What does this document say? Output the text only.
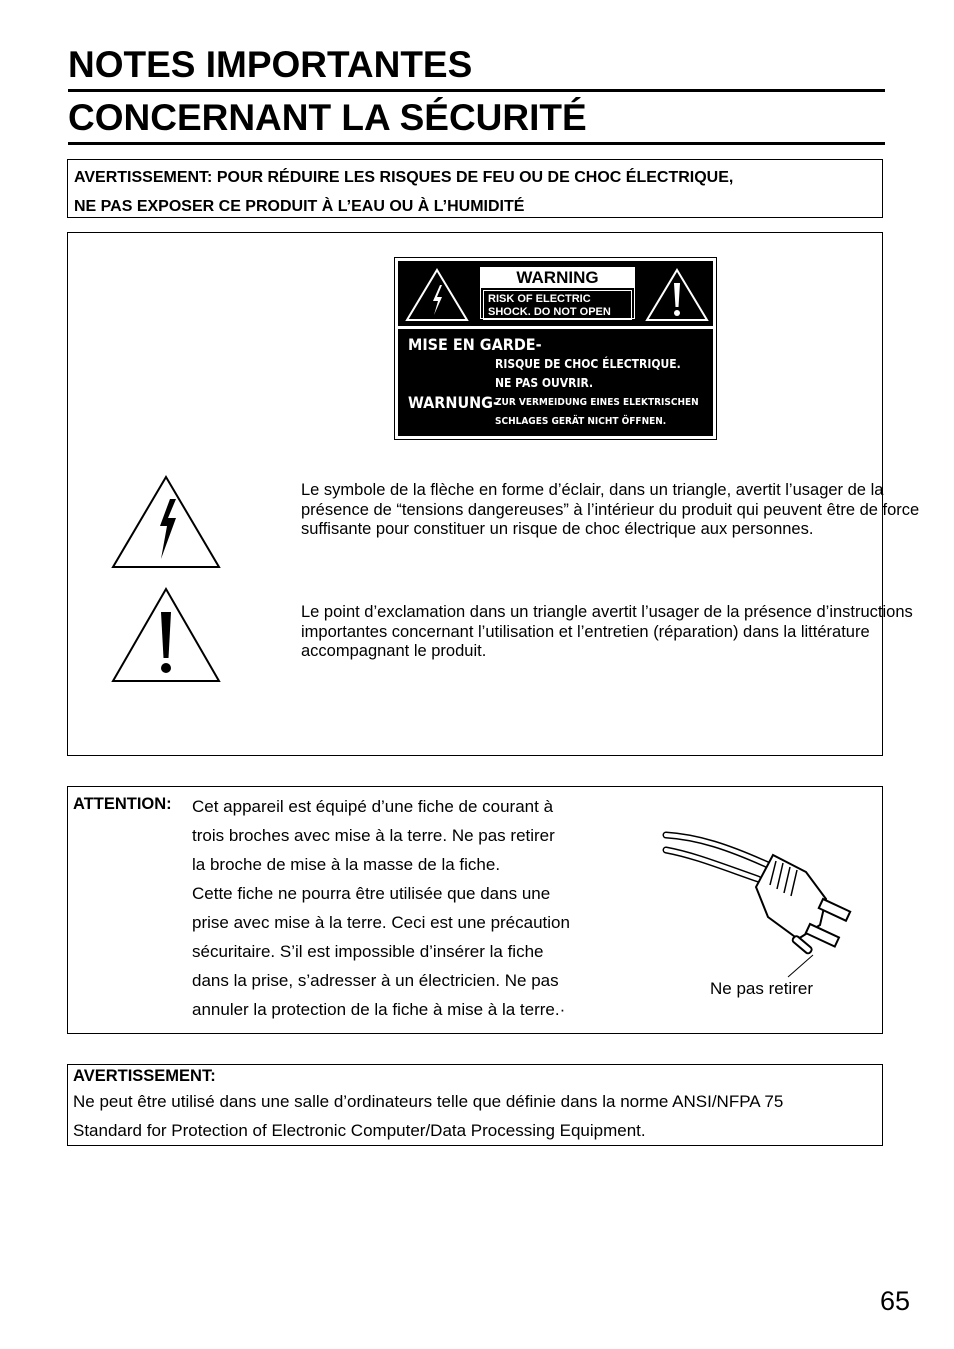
NOTES IMPORTANTES
CONCERNANT LA SÉCURITÉ
AVERTISSEMENT: POUR RÉDUIRE LES RISQUES DE FEU OU DE CHOC ÉLECTRIQUE,
NE PAS EXPOSER CE PRODUIT À L’EAU OU À L’HUMIDITÉ
WARNING
RISK OF ELECTRIC
SHOCK. DO NOT OPEN
MISE EN GARDE-
RISQUE DE CHOC ÉLECTRIQUE.
NE PAS OUVRIR.
WARNUNG-
ZUR VERMEIDUNG EINES ELEKTRISCHEN
SCHLAGES GERÄT NICHT ÖFFNEN.

Le symbole de la flèche en forme d’éclair, dans un triangle, avertit l’usager de la présence de “tensions dangereuses” à l’intérieur du produit qui peuvent être de force suffisante pour constituer un risque de choc électrique aux personnes.

Le point d’exclamation dans un triangle avertit l’usager de la présence d’instructions importantes concernant l’utilisation et l’entretien (réparation) dans la littérature accompagnant le produit.

ATTENTION: Cet appareil est équipé d’une fiche de courant à

trois broches avec mise à la terre. Ne pas retirer

la broche de mise à la masse de la fiche.

Cette fiche ne pourra être utilisée que dans une

prise avec mise à la terre. Ceci est une précaution

sécuritaire. S’il est impossible d’insérer la fiche

dans la prise, s’adresser à un électricien. Ne pas

annuler la protection de la fiche à mise à la terre.·

Ne pas retirer
AVERTISSEMENT:
Ne peut être utilisé dans une salle d’ordinateurs telle que définie dans la norme ANSI/NFPA 75
Standard for Protection of Electronic Computer/Data Processing Equipment.
65
